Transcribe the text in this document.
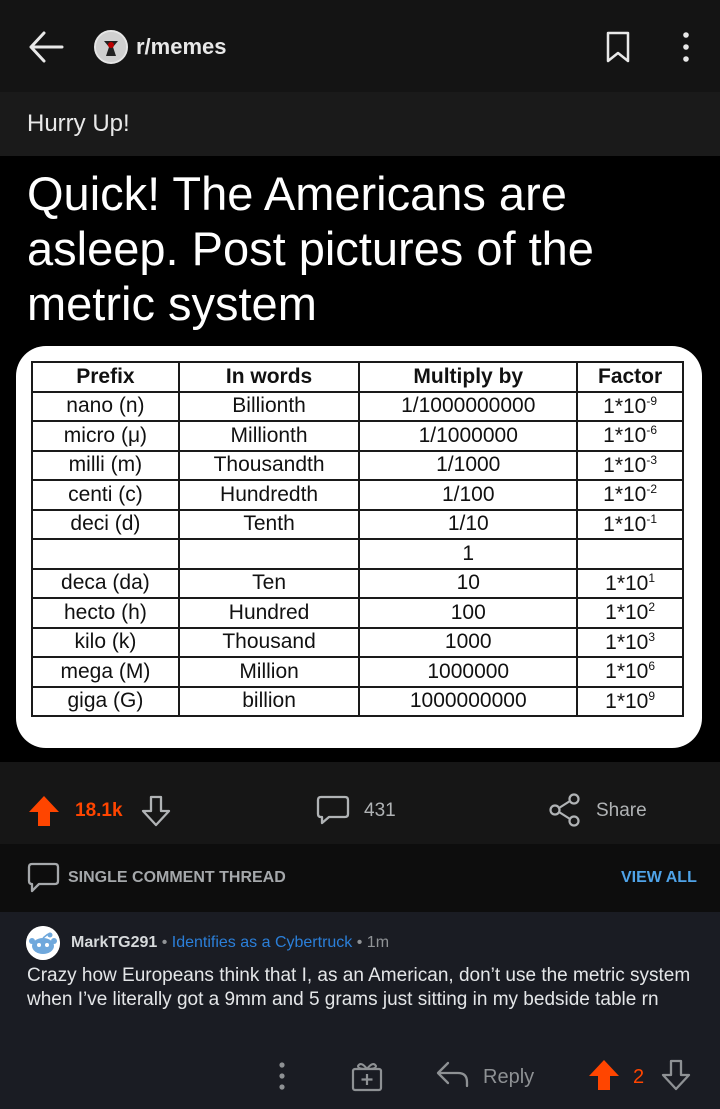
r/memes
Hurry Up!
Quick! The Americans are asleep. Post pictures of the metric system
Prefix	In words	Multiply by	Factor
nano (n)	Billionth	1/1000000000	$1*10^{-9}$
micro (μ)	Millionth	1/1000000	$1*10^{-6}$
milli (m)	Thousandth	1/1000	$1*10^{-3}$
centi (c)	Hundredth	1/100	$1*10^{-2}$
deci (d)	Tenth	1/10	$1*10^{-1}$
		1	
deca (da)	Ten	10	$1*10^1$
hecto (h)	Hundred	100	$1*10^2$
kilo (k)	Thousand	1000	$1*10^3$
mega (M)	Million	1000000	$1*10^6$
giga (G)	billion	1000000000	$1*10^9$
18.1k	431	Share
SINGLE COMMENT THREAD	VIEW ALL
MarkTG291 • Identifies as a Cybertruck • 1m
Crazy how Europeans think that I, as an American, don’t use the metric system when I’ve literally got a 9mm and 5 grams just sitting in my bedside table rn
Reply	2
